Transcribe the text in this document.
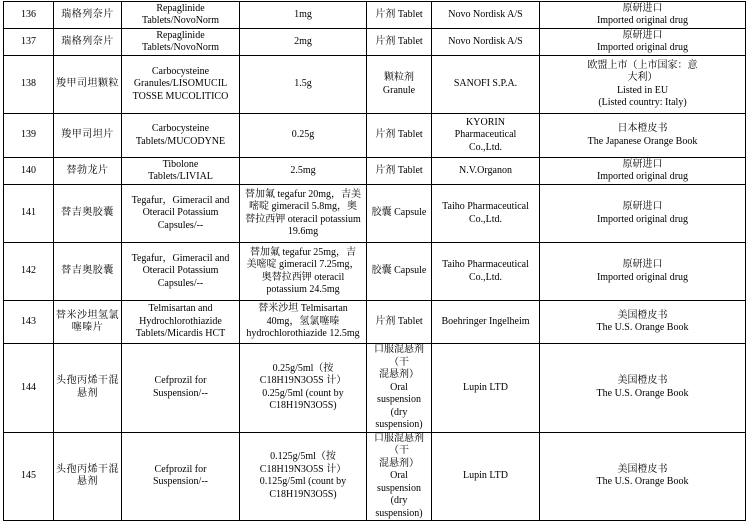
136	瑞格列奈片	Repaglinide
Tablets/NovoNorm	1mg	片剂 Tablet	Novo Nordisk A/S	原研进口
Imported original drug
137	瑞格列奈片	Repaglinide
Tablets/NovoNorm	2mg	片剂 Tablet	Novo Nordisk A/S	原研进口
Imported original drug
138	羧甲司坦颗粒	Carbocysteine
Granules/LISOMUCIL
TOSSE MUCOLITICO	1.5g	颗粒剂 Granule	SANOFI S.P.A.	欧盟上市（上市国家：意
大利）
Listed in EU
(Listed country: Italy)
139	羧甲司坦片	Carbocysteine
Tablets/MUCODYNE	0.25g	片剂 Tablet	KYORIN
Pharmaceutical
Co.,Ltd.	日本橙皮书
The Japanese Orange Book
140	替勃龙片	Tibolone
Tablets/LIVIAL	2.5mg	片剂 Tablet	N.V.Organon	原研进口
Imported original drug
141	替吉奥胶囊	Tegafur，Gimeracil and
Oteracil Potassium
Capsules/--	替加氟 tegafur 20mg，吉美
嘧啶 gimeracil 5.8mg，奥
替拉西钾 oteracil potassium
19.6mg	胶囊 Capsule	Taiho Pharmaceutical
Co.,Ltd.	原研进口
Imported original drug
142	替吉奥胶囊	Tegafur，Gimeracil and
Oteracil Potassium
Capsules/--	替加氟 tegafur 25mg，吉
美嘧啶 gimeracil 7.25mg，
奥替拉西钾 oteracil
potassium 24.5mg	胶囊 Capsule	Taiho Pharmaceutical
Co.,Ltd.	原研进口
Imported original drug
143	替米沙坦氢氯
噻嗪片	Telmisartan and
Hydrochlorothiazide
Tablets/Micardis HCT	替米沙坦 Telmisartan
40mg，氢氯噻嗪
hydrochlorothiazide 12.5mg	片剂 Tablet	Boehringer Ingelheim	美国橙皮书
The U.S. Orange Book
144	头孢丙烯干混
悬剂	Cefprozil for
Suspension/--	0.25g/5ml（按
C18H19N3O5S 计）
0.25g/5ml (count by
C18H19N3O5S)	口服混悬剂（干
混悬剂）
Oral suspension
(dry suspension)	Lupin LTD	美国橙皮书
The U.S. Orange Book
145	头孢丙烯干混
悬剂	Cefprozil for
Suspension/--	0.125g/5ml（按
C18H19N3O5S 计）
0.125g/5ml (count by
C18H19N3O5S)	口服混悬剂（干
混悬剂）
Oral suspension
(dry suspension)	Lupin LTD	美国橙皮书
The U.S. Orange Book
